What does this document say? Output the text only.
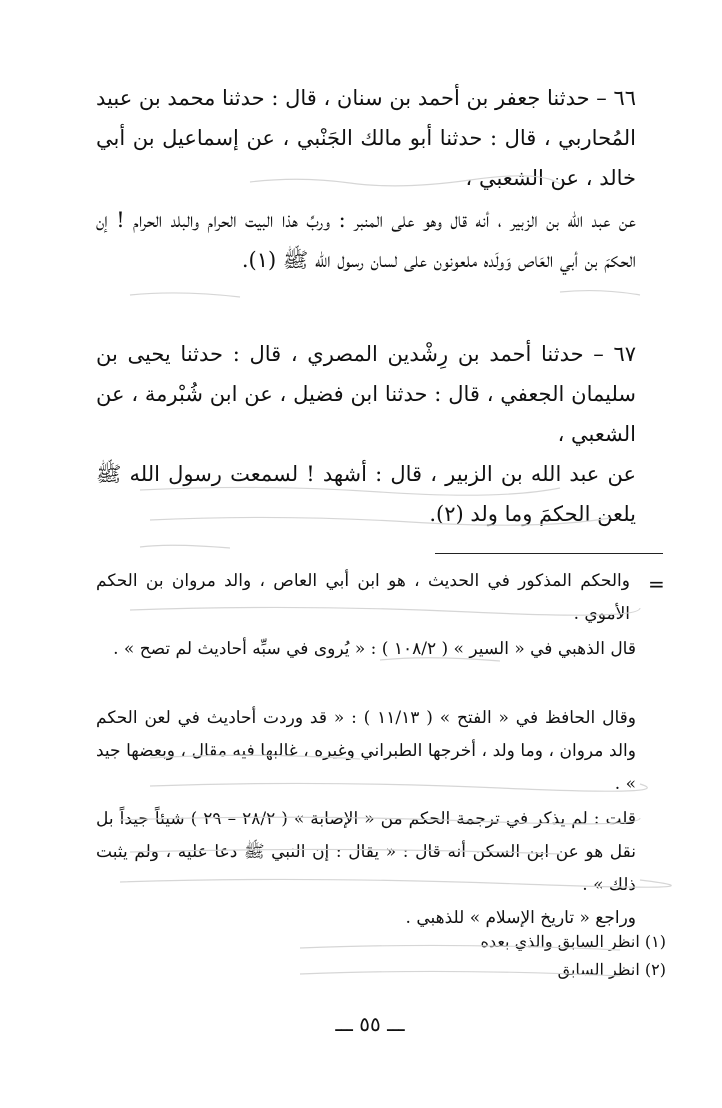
٦٦ – حدثنا جعفر بن أحمد بن سنان ، قال : حدثنا محمد بن عبيد المُحاربي ، قال : حدثنا أبو مالك الجَنْبي ، عن إسماعيل بن أبي خالد ، عن الشعبي ،

عن عبد الله بن الزبير ، أنه قال وهو على المنبر : وربِّ هذا البيت الحرام والبلد الحرام ! إن الحكمَ بن أبي العَاص وَولَده ملعونون على لسان رسول الله ﷺ (١).

٦٧ – حدثنا أحمد بن رِشْدين المصري ، قال : حدثنا يحيى بن سليمان الجعفي ، قال : حدثنا ابن فضيل ، عن ابن شُبْرمة ، عن الشعبي ،

عن عبد الله بن الزبير ، قال : أشهد ! لسمعت رسول الله ﷺ يلعن الحكمَ وما ولد (٢).

=

والحكم المذكور في الحديث ، هو ابن أبي العاص ، والد مروان بن الحكم الأموي .

قال الذهبي في « السير » ( ١٠٨/٢ ) : « يُروى في سبِّه أحاديث لم تصح » .

وقال الحافظ في « الفتح » ( ١١/١٣ ) : « قد وردت أحاديث في لعن الحكم والد مروان ، وما ولد ، أخرجها الطبراني وغيره ، غالبها فيه مقال ، وبعضها جيد » .

قلت : لم يذكر في ترجمة الحكم من « الإصابة » ( ٢٨/٢ – ٢٩ ) شيئاً جيداً بل نقل هو عن ابن السكن أنه قال : « يقال : إن النبي ﷺ دعا عليه ، ولم يثبت ذلك » .

وراجع « تاريخ الإسلام » للذهبي .

(١) انظر السابق والذي بعده
(٢) انظر السابق
ـــ ٥٥ ـــ
